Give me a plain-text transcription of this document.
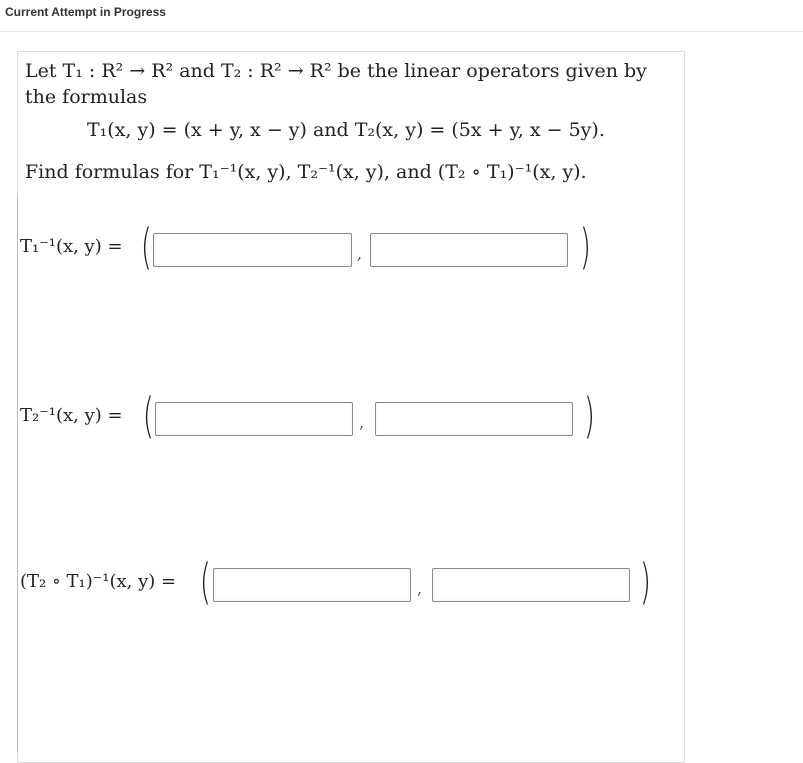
Current Attempt in Progress
Let T₁ : R² → R² and T₂ : R² → R² be the linear operators given by
the formulas
T₁(x, y) = (x + y, x − y) and T₂(x, y) = (5x + y, x − 5y).
Find formulas for T₁⁻¹(x, y), T₂⁻¹(x, y), and (T₂ ∘ T₁)⁻¹(x, y).
T₁⁻¹(x, y) = (	,	)
T₂⁻¹(x, y) = (	,	)
(T₂ ∘ T₁)⁻¹(x, y) = (	,	)
